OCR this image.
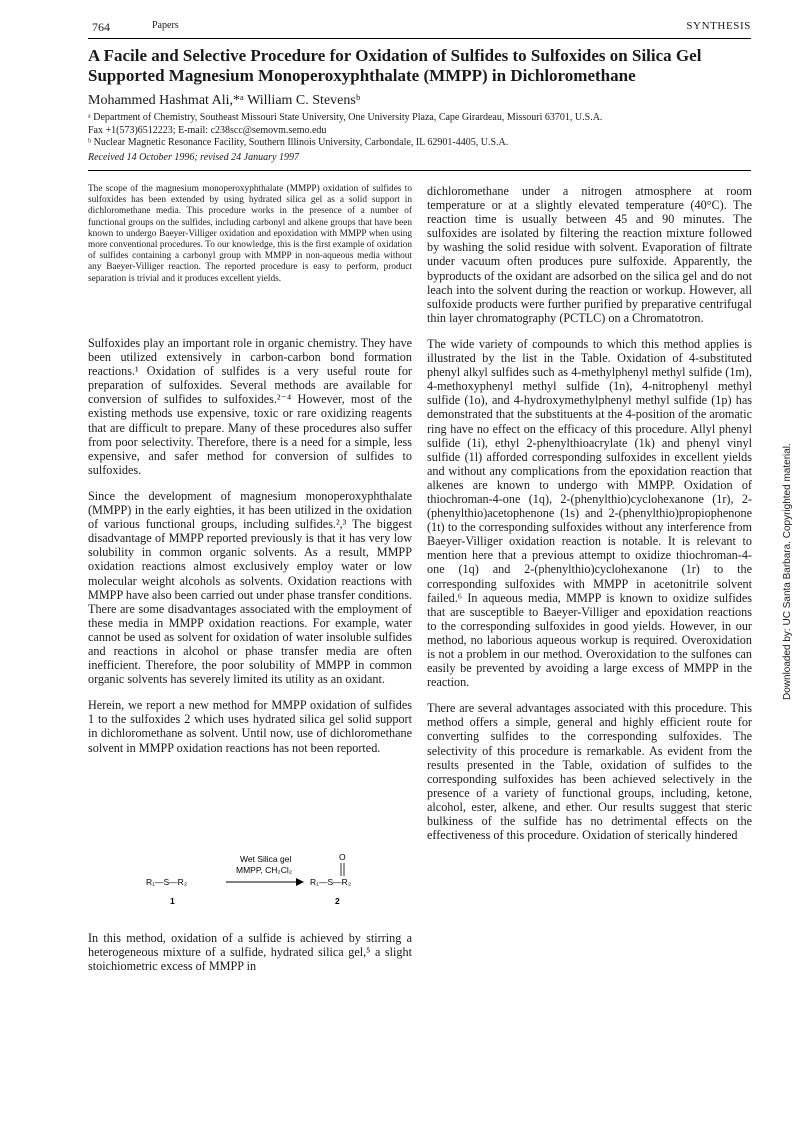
764	Papers	SYNTHESIS
A Facile and Selective Procedure for Oxidation of Sulfides to Sulfoxides on Silica Gel Supported Magnesium Monoperoxyphthalate (MMPP) in Dichloromethane
Mohammed Hashmat Ali,*ᵃ William C. Stevensᵇ
ᵃ Department of Chemistry, Southeast Missouri State University, One University Plaza, Cape Girardeau, Missouri 63701, U.S.A.
Fax +1(573)6512223; E-mail: c238scc@semovm.semo.edu
ᵇ Nuclear Magnetic Resonance Facility, Southern Illinois University, Carbondale, IL 62901-4405, U.S.A.
Received 14 October 1996; revised 24 January 1997
The scope of the magnesium monoperoxyphthalate (MMPP) oxidation of sulfides to sulfoxides has been extended by using hydrated silica gel as a solid support in dichloromethane media. This procedure works in the presence of a number of functional groups on the sulfides, including carbonyl and alkene groups that have been known to undergo Baeyer-Villiger oxidation and epoxidation with MMPP when using more conventional procedures. To our knowledge, this is the first example of oxidation of sulfides containing a carbonyl group with MMPP in non-aqueous media without any Baeyer-Villiger reaction. The reported procedure is easy to perform, product separation is trivial and it produces excellent yields.

Sulfoxides play an important role in organic chemistry. They have been utilized extensively in carbon-carbon bond formation reactions.¹ Oxidation of sulfides is a very useful route for preparation of sulfoxides. Several methods are available for conversion of sulfides to sulfoxides.²⁻⁴ However, most of the existing methods use expensive, toxic or rare oxidizing reagents that are difficult to prepare. Many of these procedures also suffer from poor selectivity. Therefore, there is a need for a simple, less expensive, and safer method for conversion of sulfides to sulfoxides.

Since the development of magnesium monoperoxyphthalate (MMPP) in the early eighties, it has been utilized in the oxidation of various functional groups, including sulfides.²,³ The biggest disadvantage of MMPP reported previously is that it has very low solubility in common organic solvents. As a result, MMPP oxidation reactions almost exclusively employ water or low molecular weight alcohols as solvents. Oxidation reactions with MMPP have also been carried out under phase transfer conditions. There are some disadvantages associated with the employment of these media in MMPP oxidation reactions. For example, water cannot be used as solvent for oxidation of water insoluble sulfides and reactions in alcohol or phase transfer media are often inefficient. Therefore, the poor solubility of MMPP in common organic solvents has severely limited its utility as an oxidant.

Herein, we report a new method for MMPP oxidation of sulfides 1 to the sulfoxides 2 which uses hydrated silica gel solid support in dichloromethane as solvent. Until now, use of dichloromethane solvent in MMPP oxidation reactions has not been reported.

Wet Silica gel
MMPP, CH₂Cl₂
R₁—S—R₂
O
R₁—S—R₂
1	2

In this method, oxidation of a sulfide is achieved by stirring a heterogeneous mixture of a sulfide, hydrated silica gel,⁵ a slight stoichiometric excess of MMPP in

dichloromethane under a nitrogen atmosphere at room temperature or at a slightly elevated temperature (40°C). The reaction time is usually between 45 and 90 minutes. The sulfoxides are isolated by filtering the reaction mixture followed by washing the solid residue with solvent. Evaporation of filtrate under vacuum often produces pure sulfoxide. Apparently, the byproducts of the oxidant are adsorbed on the silica gel and do not leach into the solvent during the reaction or workup. However, all sulfoxide products were further purified by preparative centrifugal thin layer chromatography (PCTLC) on a Chromatotron.

The wide variety of compounds to which this method applies is illustrated by the list in the Table. Oxidation of 4-substituted phenyl alkyl sulfides such as 4-methylphenyl methyl sulfide (1m), 4-methoxyphenyl methyl sulfide (1n), 4-nitrophenyl methyl sulfide (1o), and 4-hydroxymethylphenyl methyl sulfide (1p) has demonstrated that the substituents at the 4-position of the aromatic ring have no effect on the efficacy of this procedure. Allyl phenyl sulfide (1i), ethyl 2-phenylthioacrylate (1k) and phenyl vinyl sulfide (1l) afforded corresponding sulfoxides in excellent yields and without any complications from the epoxidation reaction that alkenes are known to undergo with MMPP. Oxidation of thiochroman-4-one (1q), 2-(phenylthio)cyclohexanone (1r), 2-(phenylthio)acetophenone (1s) and 2-(phenylthio)propiophenone (1t) to the corresponding sulfoxides without any interference from Baeyer-Villiger oxidation reaction is notable. It is relevant to mention here that a previous attempt to oxidize thiochroman-4-one (1q) and 2-(phenylthio)cyclohexanone (1r) to the corresponding sulfoxides with MMPP in acetonitrile solvent failed.⁶ In aqueous media, MMPP is known to oxidize sulfides that are susceptible to Baeyer-Villiger and epoxidation reactions to the corresponding sulfoxides in good yields. However, in our method, no laborious aqueous workup is required. Overoxidation is not a problem in our method. Overoxidation to the sulfones can easily be prevented by avoiding a large excess of MMPP in the reaction.

There are several advantages associated with this procedure. This method offers a simple, general and highly efficient route for converting sulfides to the corresponding sulfoxides. The selectivity of this procedure is remarkable. As evident from the results presented in the Table, oxidation of sulfides to the corresponding sulfoxides has been achieved selectively in the presence of a variety of functional groups, including, ketone, alcohol, ester, alkene, and ether. Our results suggest that steric bulkiness of the sulfide has no detrimental effects on the effectiveness of this procedure. Oxidation of sterically hindered

Downloaded by: UC Santa Barbara. Copyrighted material.
